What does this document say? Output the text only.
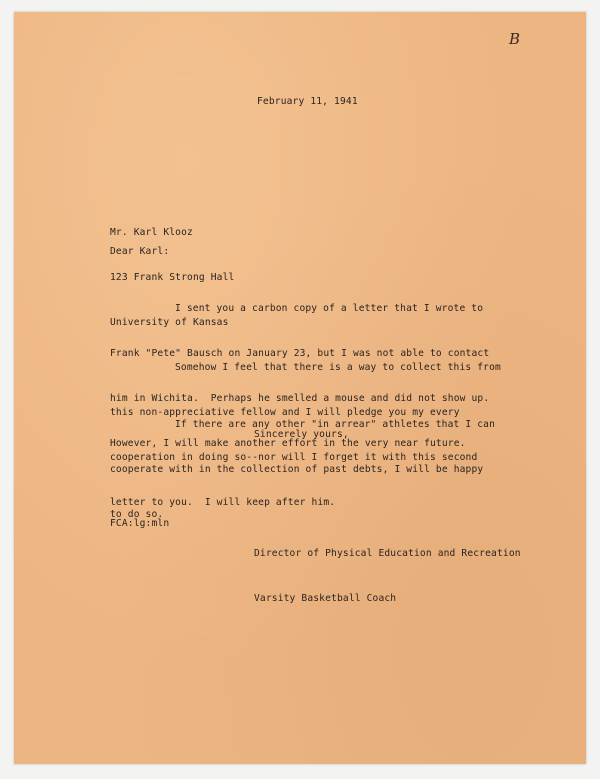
B
February 11, 1941

Mr. Karl Klooz

123 Frank Strong Hall

University of Kansas

Dear Karl:

I sent you a carbon copy of a letter that I wrote to

Frank "Pete" Bausch on January 23, but I was not able to contact

him in Wichita.  Perhaps he smelled a mouse and did not show up.

However, I will make another effort in the very near future.

Somehow I feel that there is a way to collect this from

this non-appreciative fellow and I will pledge you my every

cooperation in doing so--nor will I forget it with this second

letter to you.  I will keep after him.

If there are any other "in arrear" athletes that I can

cooperate with in the collection of past debts, I will be happy

to do so.

Sincerely yours,
FCA:lg:mln

Director of Physical Education and Recreation

Varsity Basketball Coach
